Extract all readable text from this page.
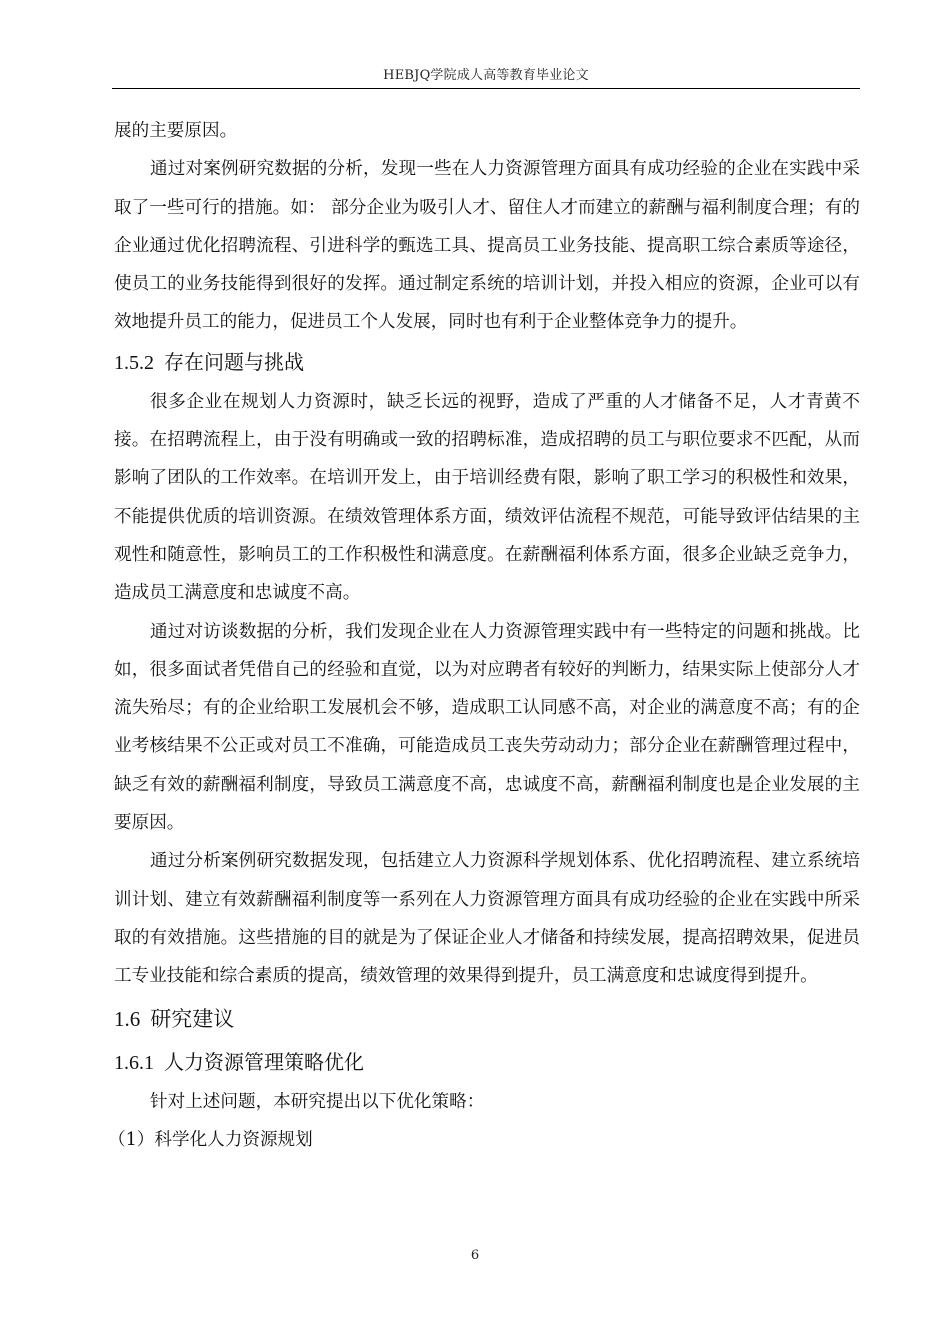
HEBJQ学院成人高等教育毕业论文

展的主要原因。

通过对案例研究数据的分析，发现一些在人力资源管理方面具有成功经验的企业在实践中采取了一些可行的措施。如： 部分企业为吸引人才、留住人才而建立的薪酬与福利制度合理；有的企业通过优化招聘流程、引进科学的甄选工具、提高员工业务技能、提高职工综合素质等途径，使员工的业务技能得到很好的发挥。通过制定系统的培训计划，并投入相应的资源，企业可以有效地提升员工的能力，促进员工个人发展，同时也有利于企业整体竞争力的提升。

1.5.2 存在问题与挑战

很多企业在规划人力资源时，缺乏长远的视野，造成了严重的人才储备不足，人才青黄不接。在招聘流程上，由于没有明确或一致的招聘标准，造成招聘的员工与职位要求不匹配，从而影响了团队的工作效率。在培训开发上，由于培训经费有限，影响了职工学习的积极性和效果，不能提供优质的培训资源。在绩效管理体系方面，绩效评估流程不规范，可能导致评估结果的主观性和随意性，影响员工的工作积极性和满意度。在薪酬福利体系方面，很多企业缺乏竞争力，造成员工满意度和忠诚度不高。

通过对访谈数据的分析，我们发现企业在人力资源管理实践中有一些特定的问题和挑战。比如，很多面试者凭借自己的经验和直觉，以为对应聘者有较好的判断力，结果实际上使部分人才流失殆尽；有的企业给职工发展机会不够，造成职工认同感不高，对企业的满意度不高；有的企业考核结果不公正或对员工不准确，可能造成员工丧失劳动动力；部分企业在薪酬管理过程中，缺乏有效的薪酬福利制度，导致员工满意度不高，忠诚度不高，薪酬福利制度也是企业发展的主要原因。

通过分析案例研究数据发现，包括建立人力资源科学规划体系、优化招聘流程、建立系统培训计划、建立有效薪酬福利制度等一系列在人力资源管理方面具有成功经验的企业在实践中所采取的有效措施。这些措施的目的就是为了保证企业人才储备和持续发展，提高招聘效果，促进员工专业技能和综合素质的提高，绩效管理的效果得到提升，员工满意度和忠诚度得到提升。

1.6 研究建议
1.6.1 人力资源管理策略优化

针对上述问题，本研究提出以下优化策略：

（1）科学化人力资源规划

6
